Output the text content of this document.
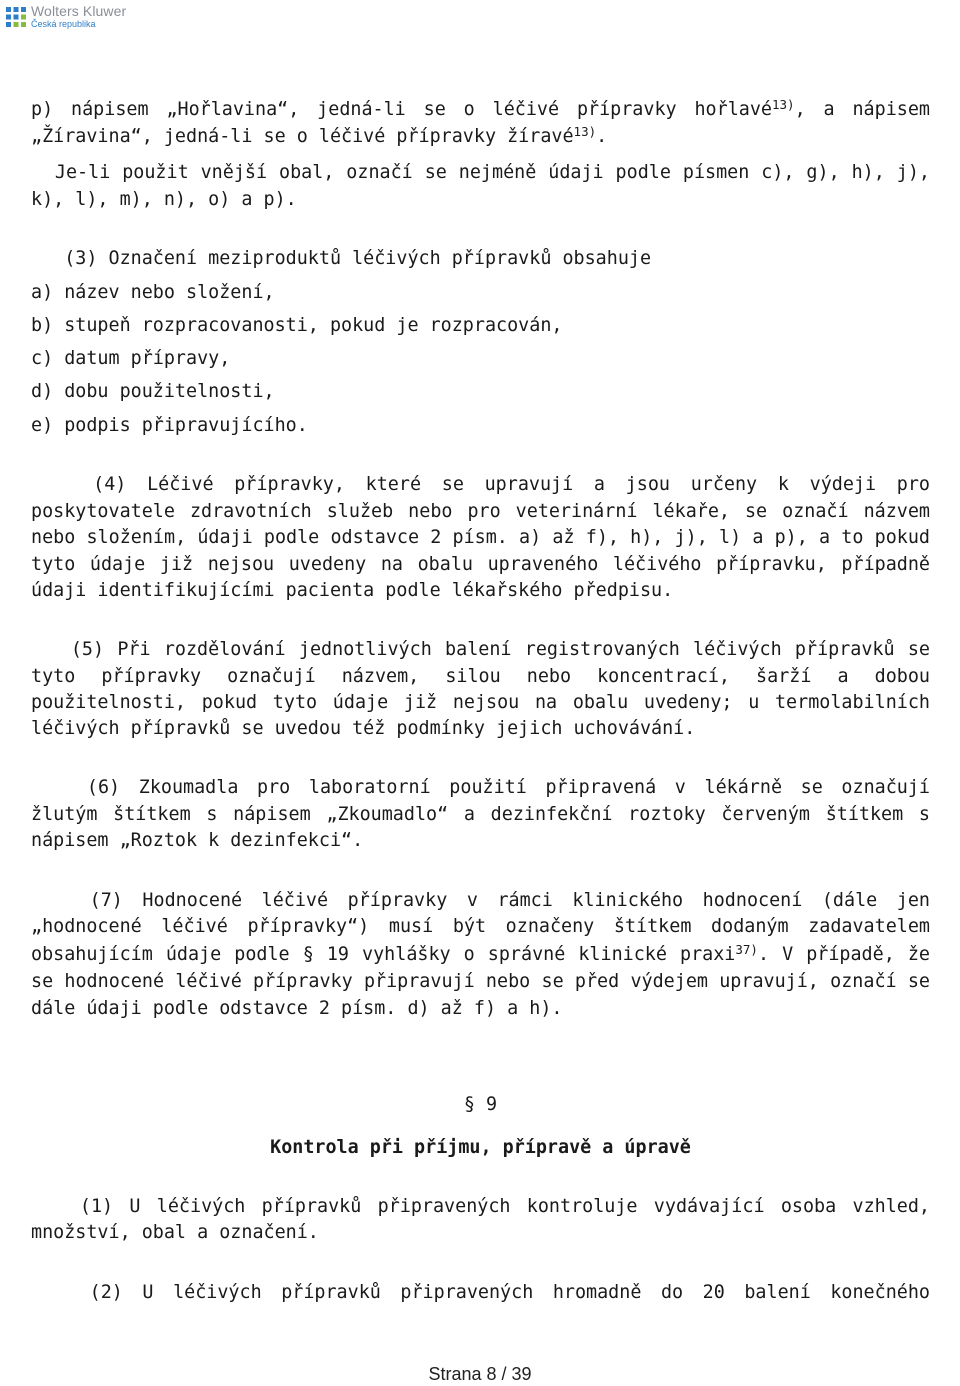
Wolters Kluwer
Česká republika
p) nápisem „Hořlavina“, jedná-li se o léčivé přípravky hořlavé$^{13)}$, a nápisem
„Žíravina“, jedná-li se o léčivé přípravky žíravé$^{13)}$.
Je-li použit vnější obal, označí se nejméně údaji podle písmen c), g), h), j),
k), l), m), n), o) a p).
(3) Označení meziproduktů léčivých přípravků obsahuje
a) název nebo složení,
b) stupeň rozpracovanosti, pokud je rozpracován,
c) datum přípravy,
d) dobu použitelnosti,
e) podpis připravujícího.
(4) Léčivé přípravky, které se upravují a jsou určeny k výdeji pro
poskytovatele zdravotních služeb nebo pro veterinární lékaře, se označí názvem
nebo složením, údaji podle odstavce 2 písm. a) až f), h), j), l) a p), a to pokud
tyto údaje již nejsou uvedeny na obalu upraveného léčivého přípravku, případně
údaji identifikujícími pacienta podle lékařského předpisu.
(5) Při rozdělování jednotlivých balení registrovaných léčivých přípravků se
tyto přípravky označují názvem, silou nebo koncentrací, šarží a dobou
použitelnosti, pokud tyto údaje již nejsou na obalu uvedeny; u termolabilních
léčivých přípravků se uvedou též podmínky jejich uchovávání.
(6) Zkoumadla pro laboratorní použití připravená v lékárně se označují
žlutým štítkem s nápisem „Zkoumadlo“ a dezinfekční roztoky červeným štítkem s
nápisem „Roztok k dezinfekci“.
(7) Hodnocené léčivé přípravky v rámci klinického hodnocení (dále jen
„hodnocené léčivé přípravky“) musí být označeny štítkem dodaným zadavatelem
obsahujícím údaje podle § 19 vyhlášky o správné klinické praxi$^{37)}$. V případě, že
se hodnocené léčivé přípravky připravují nebo se před výdejem upravují, označí se
dále údaji podle odstavce 2 písm. d) až f) a h).
§ 9
Kontrola při příjmu, přípravě a úpravě
(1) U léčivých přípravků připravených kontroluje vydávající osoba vzhled,
množství, obal a označení.
(2) U léčivých přípravků připravených hromadně do 20 balení konečného
Strana 8 / 39
